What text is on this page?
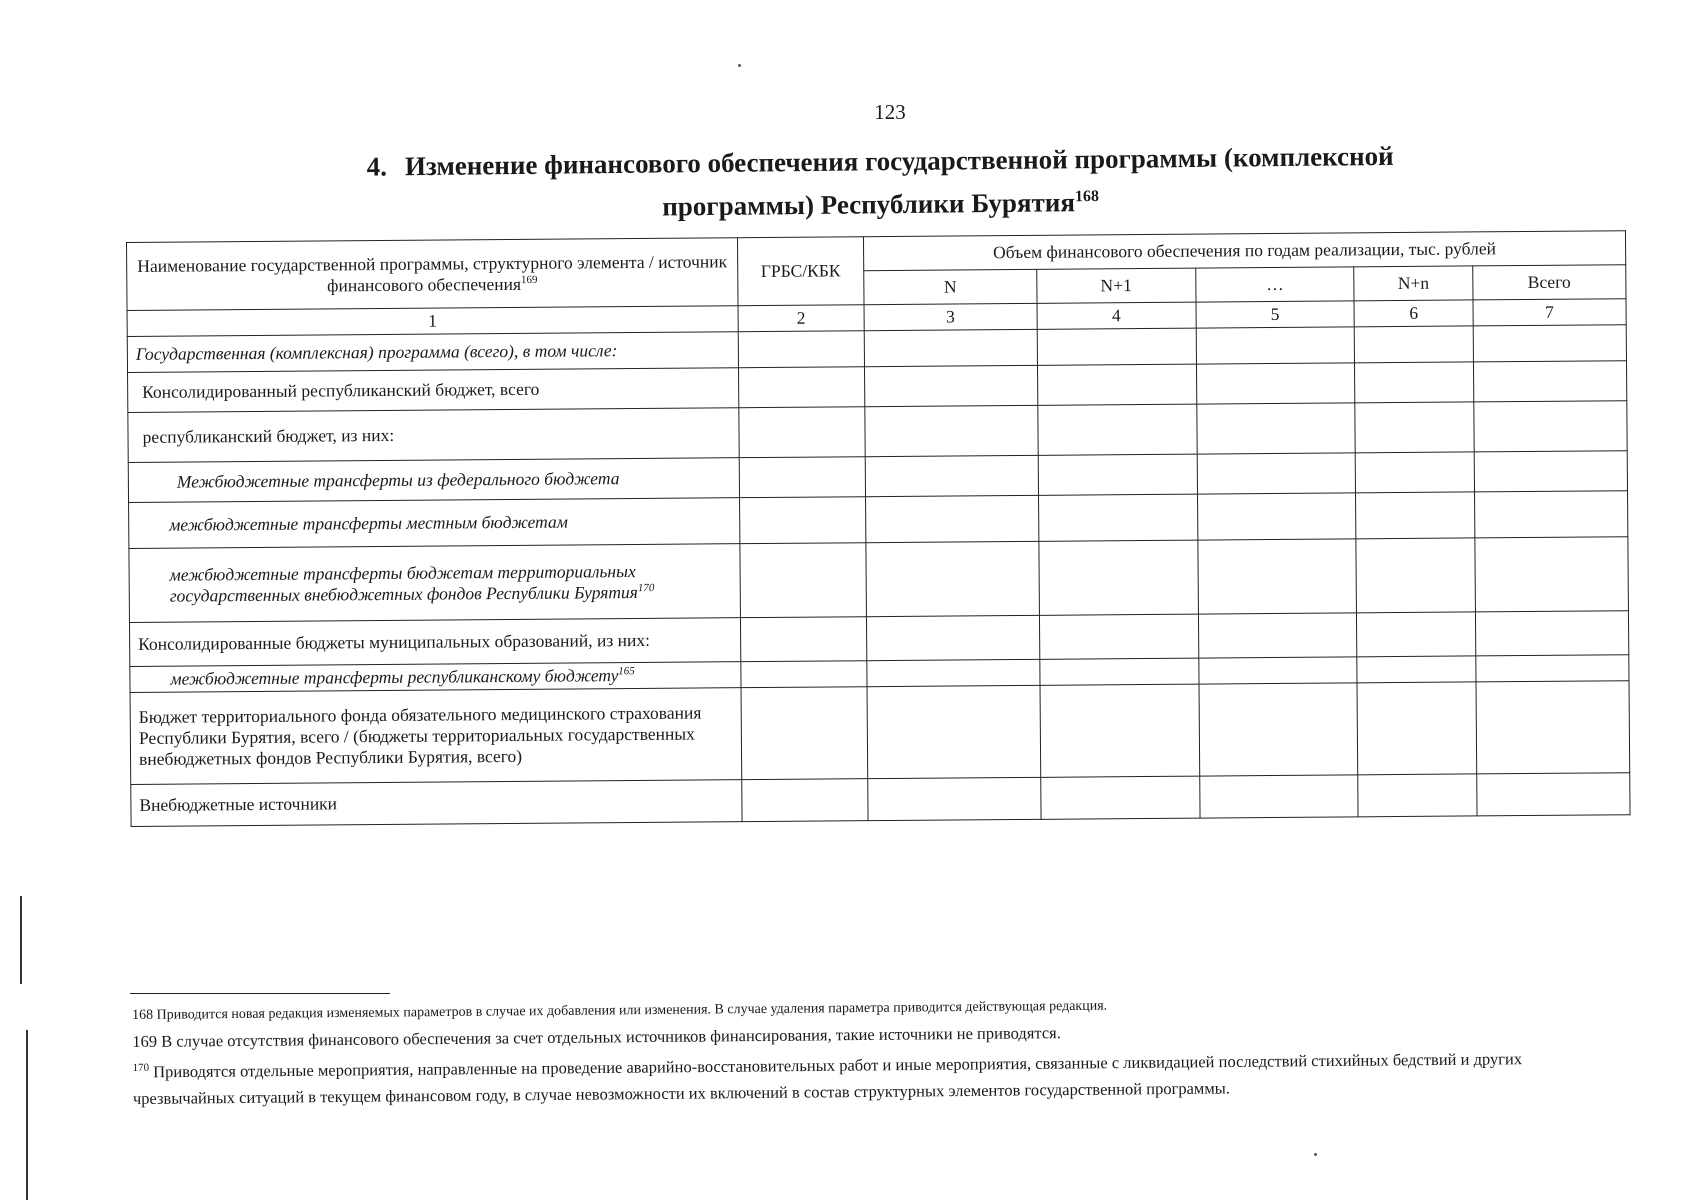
123
4. Изменение финансового обеспечения государственной программы (комплексной
программы) Республики Бурятия$^{168}$
Наименование государственной программы, структурного элемента / источник финансового обеспечения$^{169}$	ГРБС/КБК	Объем финансового обеспечения по годам реализации, тыс. рублей				
		N	N+1	…	N+n	Всего
1	2	3	4	5	6	7
Государственная (комплексная) программа (всего), в том числе:						
Консолидированный республиканский бюджет, всего						
республиканский бюджет, из них:						
Межбюджетные трансферты из федерального бюджета						
межбюджетные трансферты местным бюджетам						
межбюджетные трансферты бюджетам территориальных государственных внебюджетных фондов Республики Бурятия$^{170}$						
Консолидированные бюджеты муниципальных образований, из них:						
межбюджетные трансферты республиканскому бюджету$^{165}$						
Бюджет территориального фонда обязательного медицинского страхования Республики Бурятия, всего / (бюджеты территориальных государственных внебюджетных фондов Республики Бурятия, всего)						
Внебюджетные источники						
168 Приводится новая редакция изменяемых параметров в случае их добавления или изменения. В случае удаления параметра приводится действующая редакция.
169 В случае отсутствия финансового обеспечения за счет отдельных источников финансирования, такие источники не приводятся.
$^{170}$ Приводятся отдельные мероприятия, направленные на проведение аварийно-восстановительных работ и иные мероприятия, связанные с ликвидацией последствий стихийных бедствий и других чрезвычайных ситуаций в текущем финансовом году, в случае невозможности их включений в состав структурных элементов государственной программы.
